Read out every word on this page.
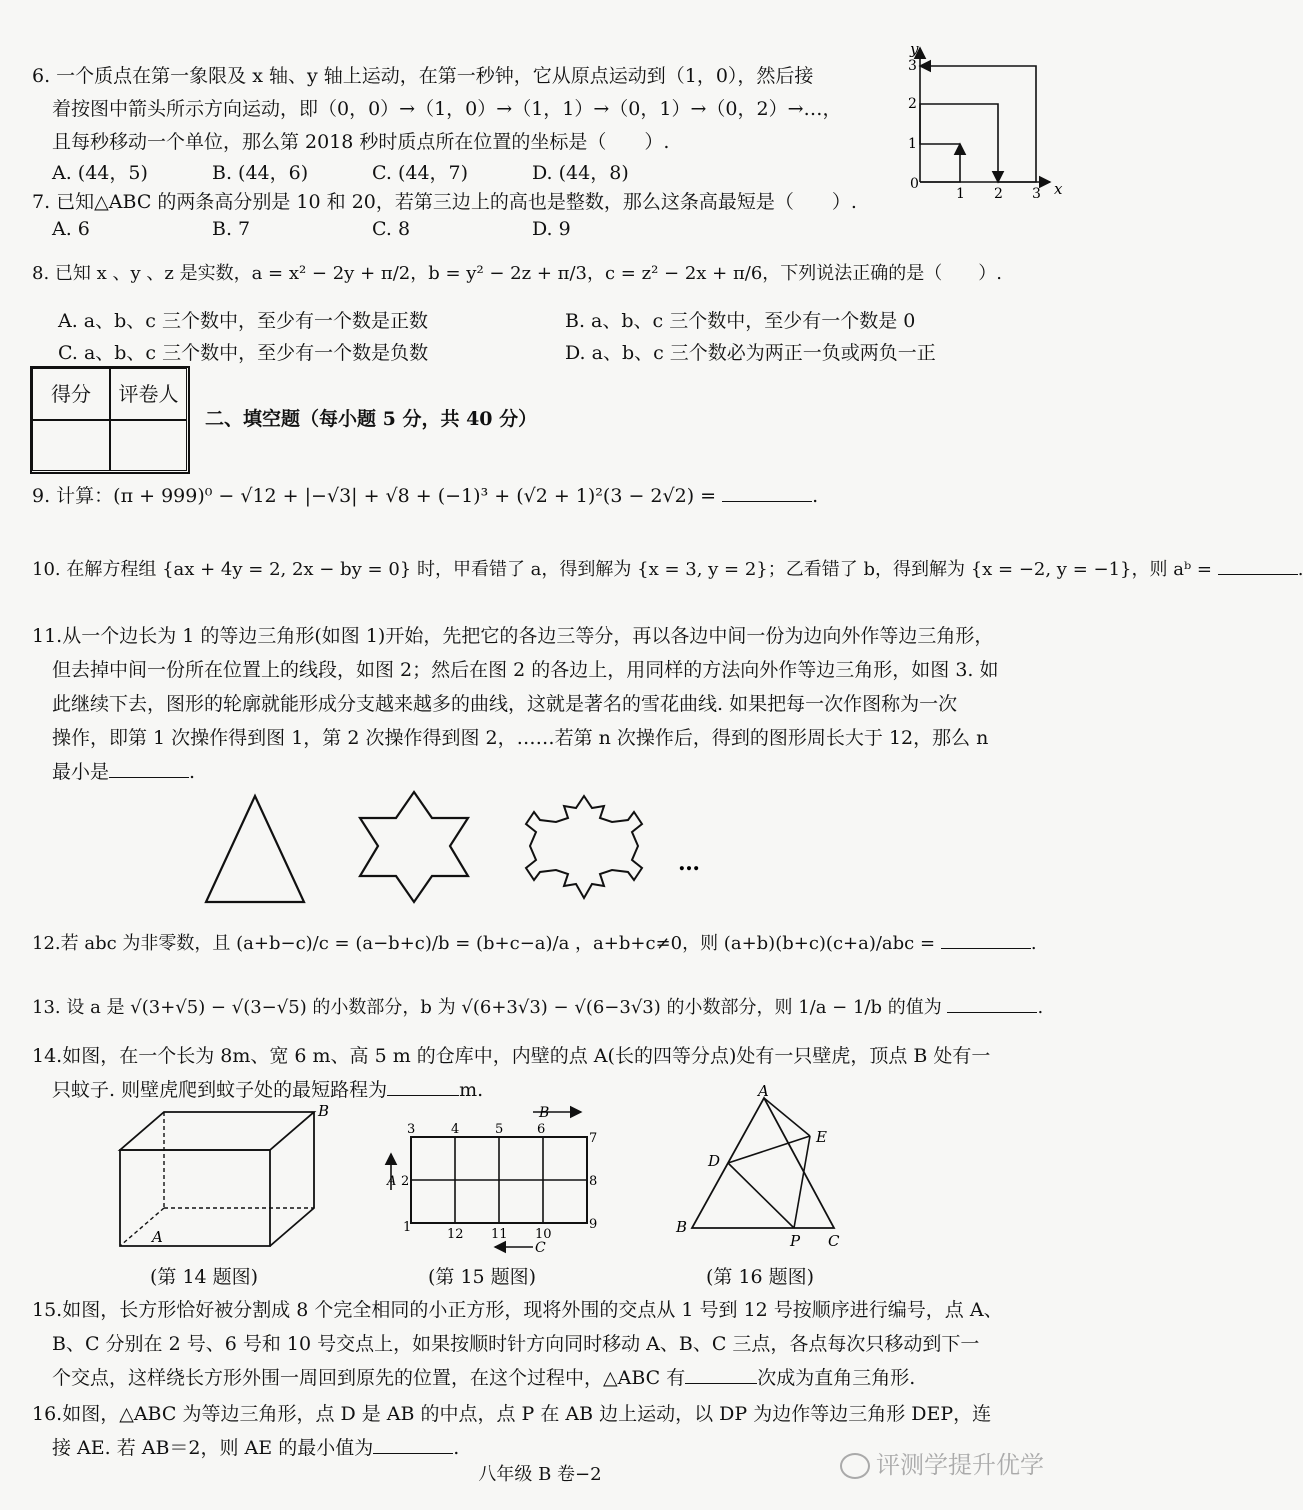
6. 一个质点在第一象限及 x 轴、y 轴上运动，在第一秒钟，它从原点运动到（1，0），然后接
着按图中箭头所示方向运动，即（0，0）→（1，0）→（1，1）→（0，1）→（0，2）→…，
且每秒移动一个单位，那么第 2018 秒时质点所在位置的坐标是（　　）.
A. (44，5)	B. (44，6)	C. (44，7)	D. (44，8)
y
x
0
1 2 3
1
2
3
7. 已知△ABC 的两条高分别是 10 和 20，若第三边上的高也是整数，那么这条高最短是（　　）.
A. 6	B. 7	C. 8	D. 9
8. 已知 x 、y 、z 是实数，a = x² − 2y + π/2，b = y² − 2z + π/3，c = z² − 2x + π/6，下列说法正确的是（　　）.
A. a、b、c 三个数中，至少有一个数是正数	B. a、b、c 三个数中，至少有一个数是 0
C. a、b、c 三个数中，至少有一个数是负数	D. a、b、c 三个数必为两正一负或两负一正
得分	评卷人
二、填空题（每小题 5 分，共 40 分）
9. 计算：(π + 999)⁰ − √12 + |−√3| + √8 + (−1)³ + (√2 + 1)²(3 − 2√2) =	.
10. 在解方程组 {ax + 4y = 2, 2x − by = 0} 时，甲看错了 a，得到解为 {x = 3, y = 2}；乙看错了 b，得到解为 {x = −2, y = −1}，则 aᵇ =	.
11.从一个边长为 1 的等边三角形(如图 1)开始，先把它的各边三等分，再以各边中间一份为边向外作等边三角形，
但去掉中间一份所在位置上的线段，如图 2；然后在图 2 的各边上，用同样的方法向外作等边三角形，如图 3. 如
此继续下去，图形的轮廓就能形成分支越来越多的曲线，这就是著名的雪花曲线. 如果把每一次作图称为一次
操作，即第 1 次操作得到图 1，第 2 次操作得到图 2，……若第 n 次操作后，得到的图形周长大于 12，那么 n
最小是	.
…
12.若 abc 为非零数，且 (a+b−c)/c = (a−b+c)/b = (b+c−a)/a ，a+b+c≠0，则 (a+b)(b+c)(c+a)/abc =	.
13. 设 a 是 √(3+√5) − √(3−√5) 的小数部分，b 为 √(6+3√3) − √(6−3√3) 的小数部分，则 1/a − 1/b 的值为	.
14.如图，在一个长为 8m、宽 6 m、高 5 m 的仓库中，内壁的点 A(长的四等分点)处有一只壁虎，顶点 B 处有一
只蚊子. 则壁虎爬到蚊子处的最短路程为	m.
B
A
(第 14 题图)
3	4	5	6
7
8
9
1	12 11 10
2
A
B
C
(第 15 题图)
A
E
D
B
P C
(第 16 题图)
15.如图，长方形恰好被分割成 8 个完全相同的小正方形，现将外围的交点从 1 号到 12 号按顺序进行编号，点 A、
B、C 分别在 2 号、6 号和 10 号交点上，如果按顺时针方向同时移动 A、B、C 三点，各点每次只移动到下一
个交点，这样绕长方形外围一周回到原先的位置，在这个过程中，△ABC 有	次成为直角三角形.
16.如图，△ABC 为等边三角形，点 D 是 AB 的中点，点 P 在 AB 边上运动，以 DP 为边作等边三角形 DEP，连
接 AE. 若 AB＝2，则 AE 的最小值为	.
八年级 B 卷−2	评测学提升优学
